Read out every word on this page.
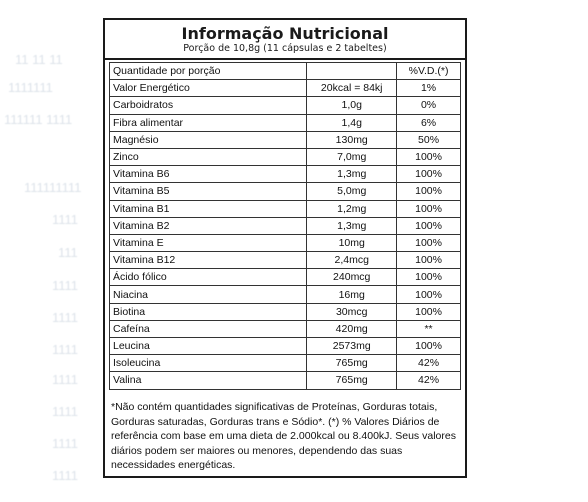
11 11 11
1111111
111111 1111
111111111
1111
111
1111
1111
1111
1111
1111
1111
1111
Informação Nutricional
Porção de 10,8g (11 cápsulas e 2 tabeltes)
Quantidade por porção		%V.D.(*)
Valor Energético	20kcal = 84kj	1%
Carboidratos	1,0g	0%
Fibra alimentar	1,4g	6%
Magnésio	130mg	50%
Zinco	7,0mg	100%
Vitamina B6	1,3mg	100%
Vitamina B5	5,0mg	100%
Vitamina B1	1,2mg	100%
Vitamina B2	1,3mg	100%
Vitamina E	10mg	100%
Vitamina B12	2,4mcg	100%
Ácido fólico	240mcg	100%
Niacina	16mg	100%
Biotina	30mcg	100%
Cafeína	420mg	**
Leucina	2573mg	100%
Isoleucina	765mg	42%
Valina	765mg	42%
*Não contém quantidades significativas de Proteínas, Gorduras totais, Gorduras saturadas, Gorduras trans e Sódio*. (*) % Valores Diários de referência com base em uma dieta de 2.000kcal ou 8.400kJ. Seus valores diários podem ser maiores ou menores, dependendo das suas necessidades energéticas.
